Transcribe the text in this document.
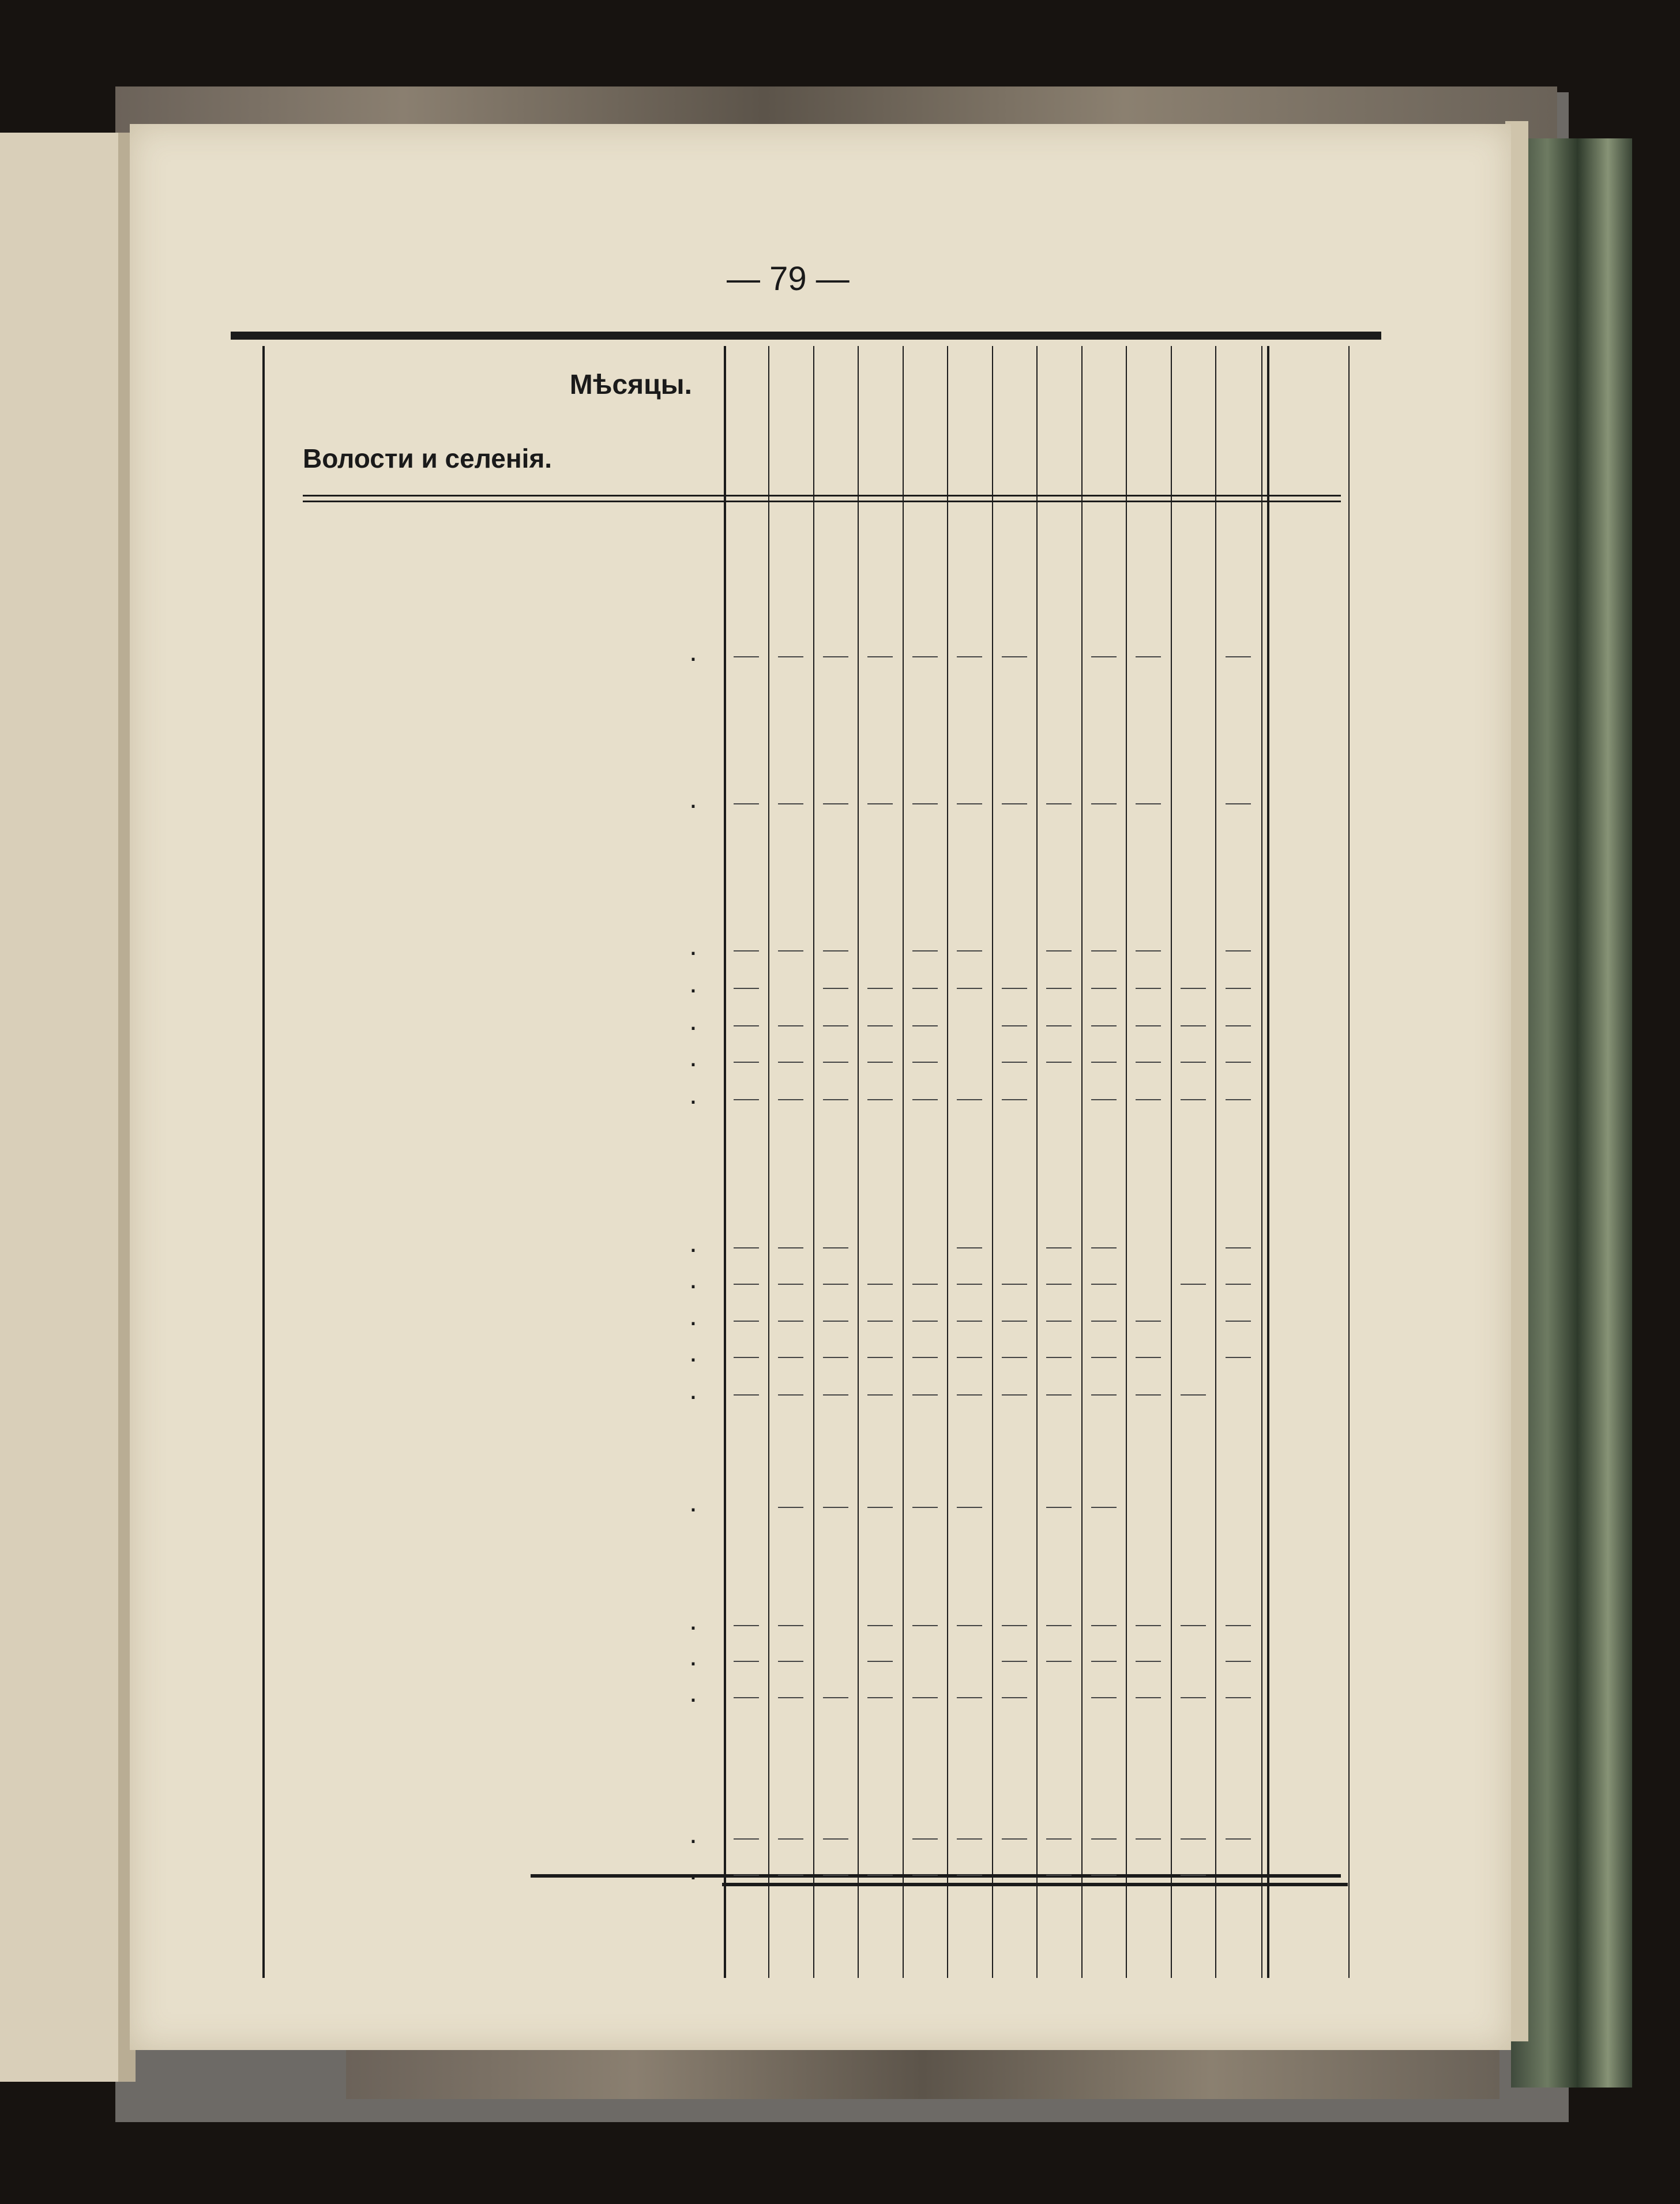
— 79 —
Мѣсяцы.
Волости и селенія.
.
.
.
.
.
.
.
.
.
.
.
.
.
.
.
.
.
.
